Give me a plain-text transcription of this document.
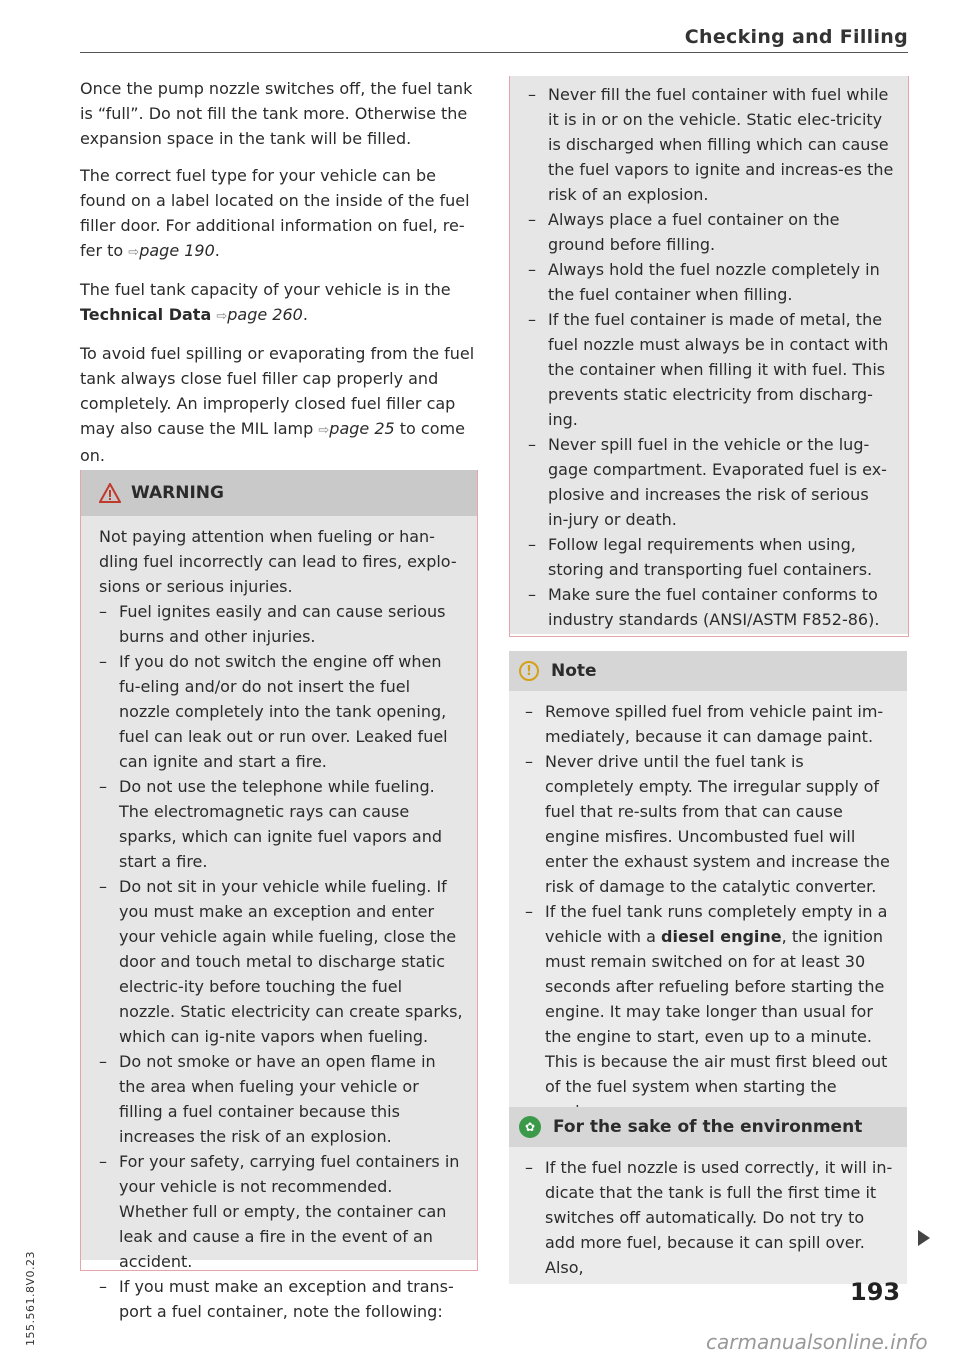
Checking and Filling

Once the pump nozzle switches off, the fuel tank is “full”. Do not fill the tank more. Otherwise the expansion space in the tank will be filled.

The correct fuel type for your vehicle can be found on a label located on the inside of the fuel filler door. For additional information on fuel, re-fer to ⇨page 190.

The fuel tank capacity of your vehicle is in the Technical Data ⇨page 260.

To avoid fuel spilling or evaporating from the fuel tank always close fuel filler cap properly and completely. An improperly closed fuel filler cap may also cause the MIL lamp ⇨page 25 to come on.

WARNING
Not paying attention when fueling or han-dling fuel incorrectly can lead to fires, explo-sions or serious injuries.
– Fuel ignites easily and can cause serious burns and other injuries.
– If you do not switch the engine off when fu-eling and/or do not insert the fuel nozzle completely into the tank opening, fuel can leak out or run over. Leaked fuel can ignite and start a fire.
– Do not use the telephone while fueling. The electromagnetic rays can cause sparks, which can ignite fuel vapors and start a fire.
– Do not sit in your vehicle while fueling. If you must make an exception and enter your vehicle again while fueling, close the door and touch metal to discharge static electric-ity before touching the fuel nozzle. Static electricity can create sparks, which can ig-nite vapors when fueling.
– Do not smoke or have an open flame in the area when fueling your vehicle or filling a fuel container because this increases the risk of an explosion.
– For your safety, carrying fuel containers in your vehicle is not recommended. Whether full or empty, the container can leak and cause a fire in the event of an accident.
– If you must make an exception and trans-port a fuel container, note the following:
– Never fill the fuel container with fuel while it is in or on the vehicle. Static elec-tricity is discharged when filling which can cause the fuel vapors to ignite and increas-es the risk of an explosion.
– Always place a fuel container on the ground before filling.
– Always hold the fuel nozzle completely in the fuel container when filling.
– If the fuel container is made of metal, the fuel nozzle must always be in contact with the container when filling it with fuel. This prevents static electricity from discharg-ing.
– Never spill fuel in the vehicle or the lug-gage compartment. Evaporated fuel is ex-plosive and increases the risk of serious in-jury or death.
– Follow legal requirements when using, storing and transporting fuel containers.
– Make sure the fuel container conforms to industry standards (ANSI/ASTM F852-86).
!	Note
– Remove spilled fuel from vehicle paint im-mediately, because it can damage paint.
– Never drive until the fuel tank is completely empty. The irregular supply of fuel that re-sults from that can cause engine misfires. Uncombusted fuel will enter the exhaust system and increase the risk of damage to the catalytic converter.
– If the fuel tank runs completely empty in a vehicle with a diesel engine, the ignition must remain switched on for at least 30 seconds after refueling before starting the engine. It may take longer than usual for the engine to start, even up to a minute. This is because the air must first bleed out of the fuel system when starting the
✿	For the sake of the environment
– If the fuel nozzle is used correctly, it will in-dicate that the tank is full the first time it switches off automatically. Do not try to add more fuel, because it can spill over. Also,
193
155.561.8V0.23	carmanualsonline.info
